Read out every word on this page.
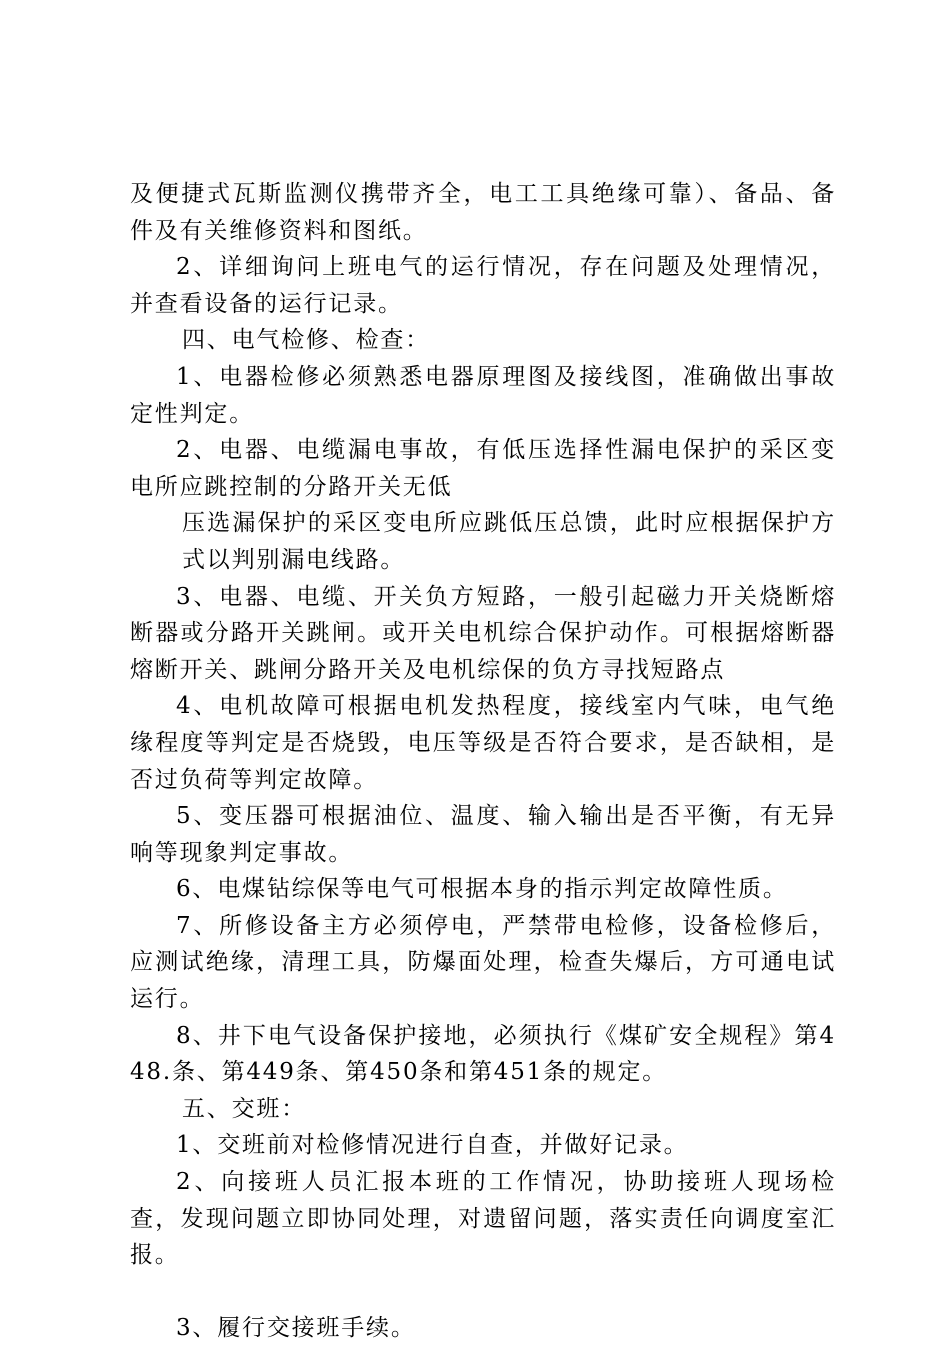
及便捷式瓦斯监测仪携带齐全，电工工具绝缘可靠）、备品、备件及有关维修资料和图纸。

2、详细询问上班电气的运行情况，存在问题及处理情况，并查看设备的运行记录。

四、电气检修、检查：

1、电器检修必须熟悉电器原理图及接线图，准确做出事故定性判定。

2、电器、电缆漏电事故，有低压选择性漏电保护的采区变电所应跳控制的分路开关无低

压选漏保护的采区变电所应跳低压总馈，此时应根据保护方式以判别漏电线路。

3、电器、电缆、开关负方短路，一般引起磁力开关烧断熔断器或分路开关跳闸。或开关电机综合保护动作。可根据熔断器熔断开关、跳闸分路开关及电机综保的负方寻找短路点

4、电机故障可根据电机发热程度，接线室内气味，电气绝缘程度等判定是否烧毁，电压等级是否符合要求，是否缺相，是否过负荷等判定故障。

5、变压器可根据油位、温度、输入输出是否平衡，有无异响等现象判定事故。

6、电煤钻综保等电气可根据本身的指示判定故障性质。

7、所修设备主方必须停电，严禁带电检修，设备检修后，应测试绝缘，清理工具，防爆面处理，检查失爆后，方可通电试运行。

8、井下电气设备保护接地，必须执行《煤矿安全规程》第448.条、第449条、第450条和第451条的规定。

五、交班：

1、交班前对检修情况进行自查，并做好记录。

2、向接班人员汇报本班的工作情况，协助接班人现场检查，发现问题立即协同处理，对遗留问题，落实责任向调度室汇报。

3、履行交接班手续。
